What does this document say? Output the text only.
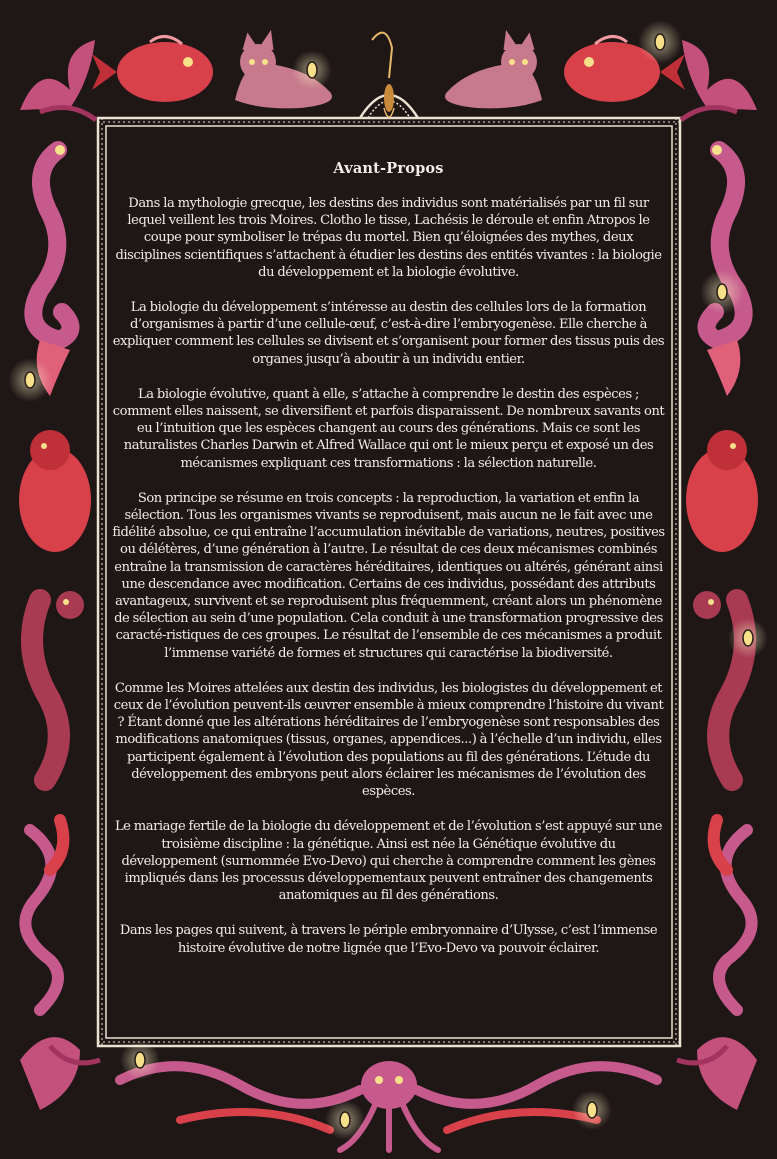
Avant-Propos

Dans la mythologie grecque, les destins des individus sont matérialisés par un fil sur lequel veillent les trois Moires. Clotho le tisse, Lachésis le déroule et enfin Atropos le coupe pour symboliser le trépas du mortel. Bien qu’éloignées des mythes, deux disciplines scientifiques s’attachent à étudier les destins des entités vivantes : la biologie du développement et la biologie évolutive.

La biologie du développement s’intéresse au destin des cellules lors de la formation d’organismes à partir d’une cellule-œuf, c’est-à-dire l’embryogenèse. Elle cherche à expliquer comment les cellules se divisent et s’organisent pour former des tissus puis des organes jusqu’à aboutir à un individu entier.

La biologie évolutive, quant à elle, s’attache à comprendre le destin des espèces ; comment elles naissent, se diversifient et parfois disparaissent. De nombreux savants ont eu l’intuition que les espèces changent au cours des générations. Mais ce sont les naturalistes Charles Darwin et Alfred Wallace qui ont le mieux perçu et exposé un des mécanismes expliquant ces transformations : la sélection naturelle.

Son principe se résume en trois concepts : la reproduction, la variation et enfin la sélection. Tous les organismes vivants se reproduisent, mais aucun ne le fait avec une fidélité absolue, ce qui entraîne l’accumulation inévitable de variations, neutres, positives ou délétères, d’une génération à l’autre. Le résultat de ces deux mécanismes combinés entraîne la transmission de caractères héréditaires, identiques ou altérés, générant ainsi une descendance avec modification. Certains de ces individus, possédant des attributs avantageux, survivent et se reproduisent plus fréquemment, créant alors un phénomène de sélection au sein d’une population. Cela conduit à une transformation progressive des caracté-ristiques de ces groupes. Le résultat de l’ensemble de ces mécanismes a produit l’immense variété de formes et structures qui caractérise la biodiversité.

Comme les Moires attelées aux destin des individus, les biologistes du développement et ceux de l’évolution peuvent-ils œuvrer ensemble à mieux comprendre l’histoire du vivant ? Étant donné que les altérations héréditaires de l’embryogenèse sont responsables des modifications anatomiques (tissus, organes, appendices...) à l’échelle d’un individu, elles participent également à l’évolution des populations au fil des générations. L’étude du développement des embryons peut alors éclairer les mécanismes de l’évolution des espèces.

Le mariage fertile de la biologie du développement et de l’évolution s’est appuyé sur une troisième discipline : la génétique. Ainsi est née la Génétique évolutive du développement (surnommée Evo-Devo) qui cherche à comprendre comment les gènes impliqués dans les processus développementaux peuvent entraîner des changements anatomiques au fil des générations.

Dans les pages qui suivent, à travers le périple embryonnaire d’Ulysse, c’est l’immense histoire évolutive de notre lignée que l’Evo-Devo va pouvoir éclairer.
